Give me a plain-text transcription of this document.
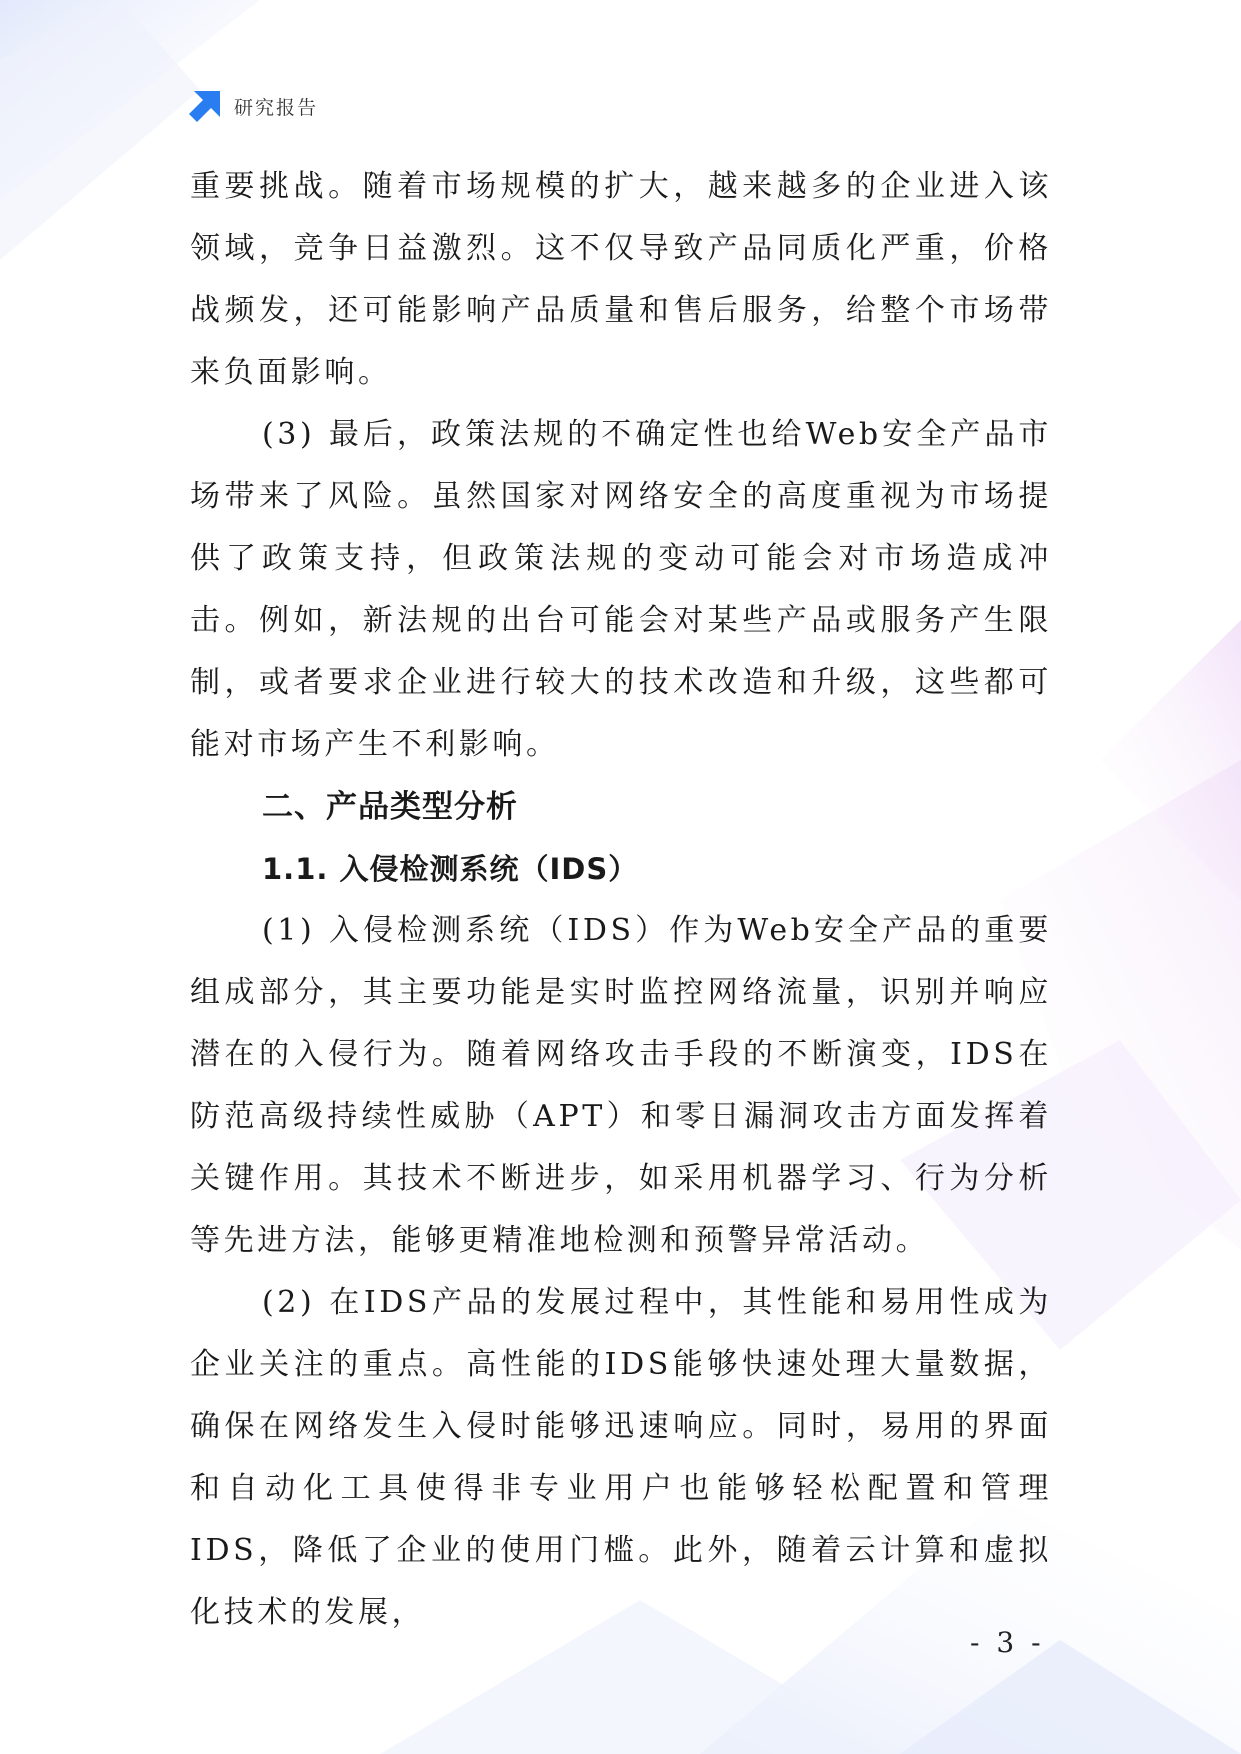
研究报告

重要挑战。随着市场规模的扩大，越来越多的企业进入该领域，竞争日益激烈。这不仅导致产品同质化严重，价格战频发，还可能影响产品质量和售后服务，给整个市场带来负面影响。

(3) 最后，政策法规的不确定性也给Web安全产品市场带来了风险。虽然国家对网络安全的高度重视为市场提供了政策支持，但政策法规的变动可能会对市场造成冲击。例如，新法规的出台可能会对某些产品或服务产生限制，或者要求企业进行较大的技术改造和升级，这些都可能对市场产生不利影响。

二、产品类型分析
1.1. 入侵检测系统（IDS）

(1) 入侵检测系统（IDS）作为Web安全产品的重要组成部分，其主要功能是实时监控网络流量，识别并响应潜在的入侵行为。随着网络攻击手段的不断演变，IDS在防范高级持续性威胁（APT）和零日漏洞攻击方面发挥着关键作用。其技术不断进步，如采用机器学习、行为分析等先进方法，能够更精准地检测和预警异常活动。

(2) 在IDS产品的发展过程中，其性能和易用性成为企业关注的重点。高性能的IDS能够快速处理大量数据，确保在网络发生入侵时能够迅速响应。同时，易用的界面和自动化工具使得非专业用户也能够轻松配置和管理IDS，降低了企业的使用门槛。此外，随着云计算和虚拟化技术的发展，

- 3 -
